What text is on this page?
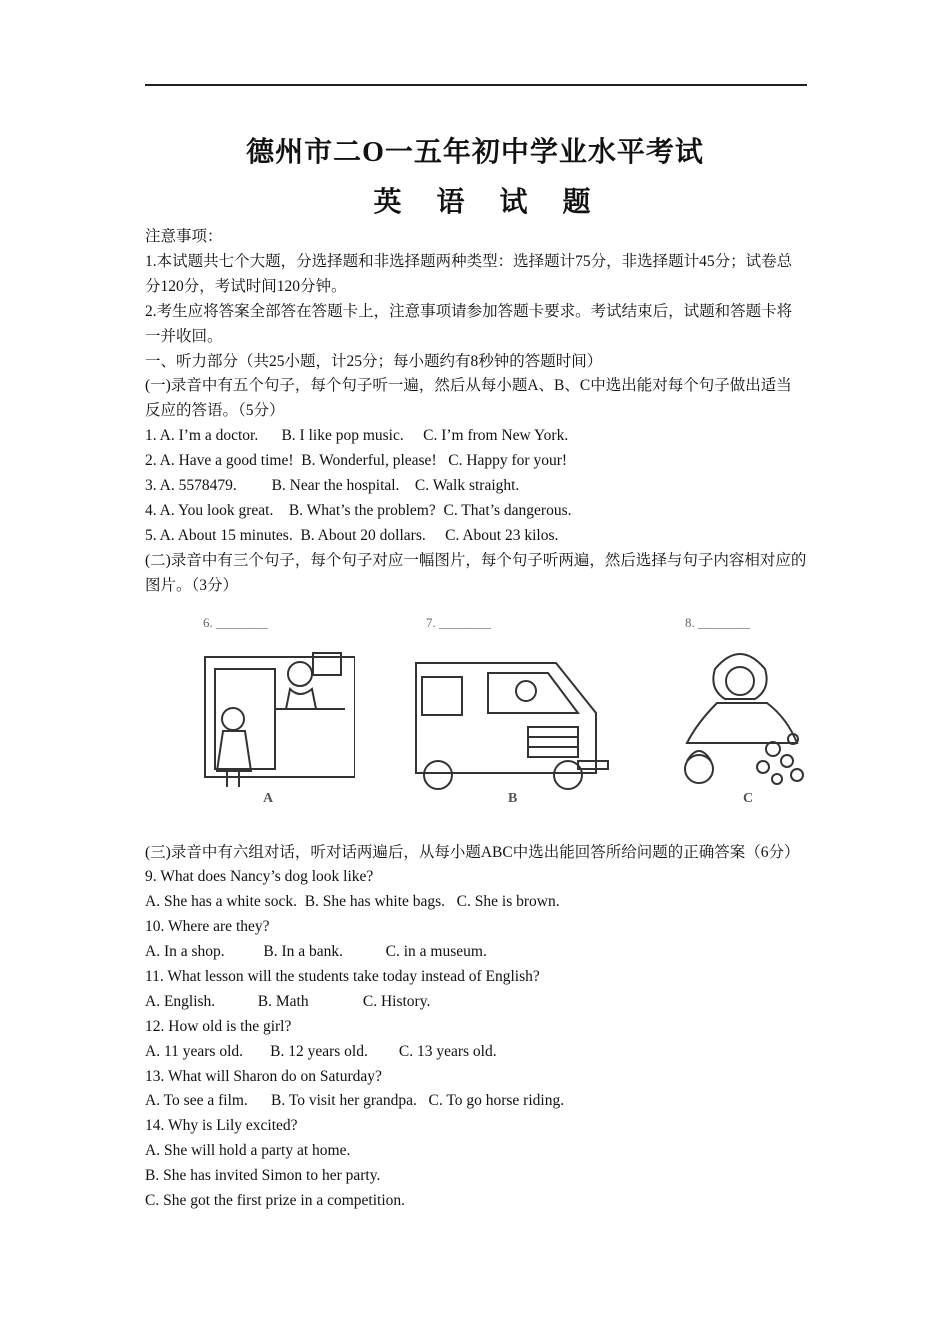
德州市二O一五年初中学业水平考试
英 语 试 题
注意事项：
1.本试题共七个大题，分选择题和非选择题两种类型：选择题计75分，非选择题计45分；试卷总分120分，考试时间120分钟。
2.考生应将答案全部答在答题卡上，注意事项请参加答题卡要求。考试结束后，试题和答题卡将一并收回。
一、听力部分（共25小题，计25分；每小题约有8秒钟的答题时间）
(一)录音中有五个句子，每个句子听一遍，然后从每小题A、B、C中选出能对每个句子做出适当反应的答语。（5分）
1. A. I’m a doctor.      B. I like pop music.     C. I’m from New York.
2. A. Have a good time!  B. Wonderful, please!   C. Happy for your!
3. A. 5578479.         B. Near the hospital.    C. Walk straight.
4. A. You look great.    B. What’s the problem?  C. That’s dangerous.
5. A. About 15 minutes.  B. About 20 dollars.     C. About 23 kilos.
(二)录音中有三个句子，每个句子对应一幅图片，每个句子听两遍，然后选择与句子内容相对应的图片。（3分）
6. ________
A
7. ________
B
8. ________
C
(三)录音中有六组对话，听对话两遍后，从每小题ABC中选出能回答所给问题的正确答案（6分）
9. What does Nancy’s dog look like?
A. She has a white sock.  B. She has white bags.   C. She is brown.
10. Where are they?
A. In a shop.          B. In a bank.           C. in a museum.
11. What lesson will the students take today instead of English?
A. English.           B. Math              C. History.
12. How old is the girl?
A. 11 years old.       B. 12 years old.        C. 13 years old.
13. What will Sharon do on Saturday?
A. To see a film.      B. To visit her grandpa.   C. To go horse riding.
14. Why is Lily excited?
A. She will hold a party at home.
B. She has invited Simon to her party.
C. She got the first prize in a competition.
